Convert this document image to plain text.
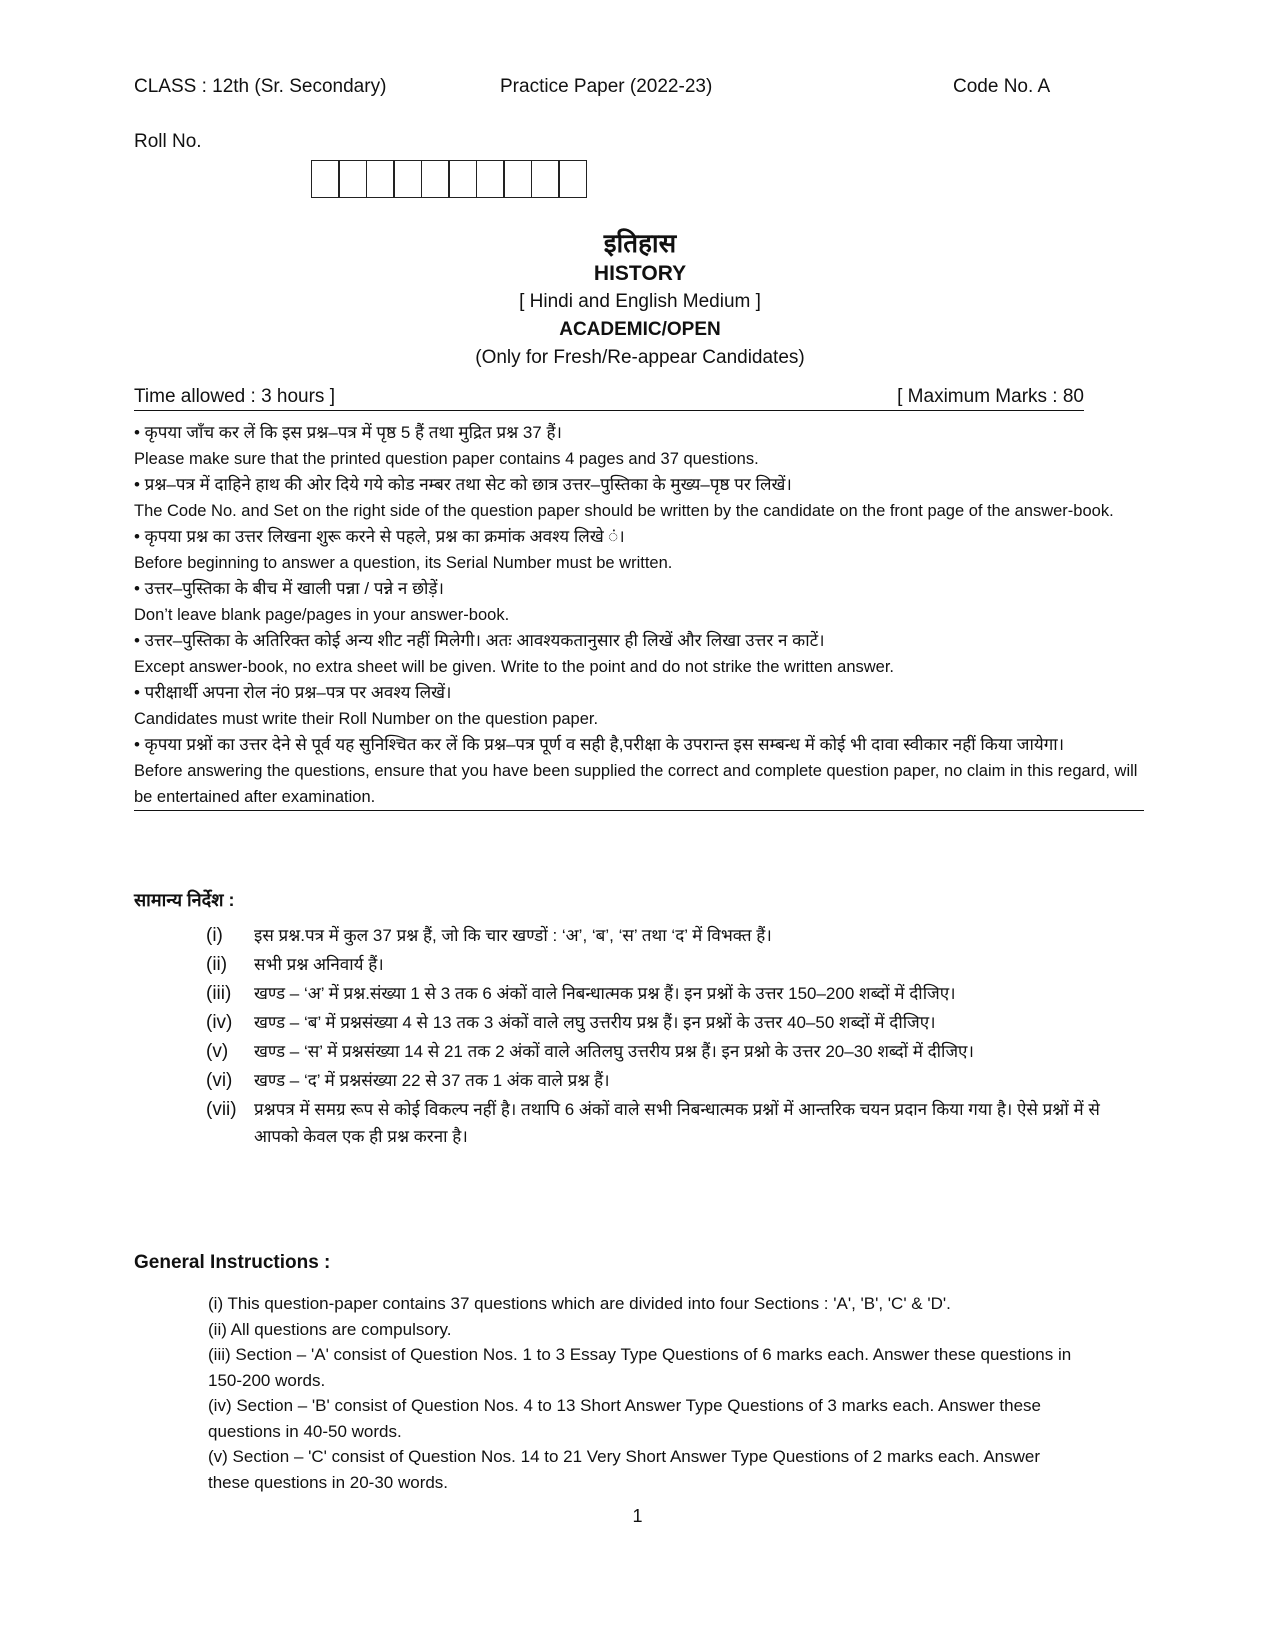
CLASS : 12th (Sr. Secondary)	Practice Paper (2022-23)	Code No. A
Roll No.
इतिहास
HISTORY
[ Hindi and English Medium ]
ACADEMIC/OPEN
(Only for Fresh/Re-appear Candidates)
Time allowed : 3 hours ]	[ Maximum Marks : 80
• कृपया जाँच कर लें कि इस प्रश्न–पत्र में पृष्ठ 5 हैं तथा मुद्रित प्रश्न 37 हैं।
Please make sure that the printed question paper contains 4 pages and 37 questions.
• प्रश्न–पत्र में दाहिने हाथ की ओर दिये गये कोड नम्बर तथा सेट को छात्र उत्तर–पुस्तिका के मुख्य–पृष्ठ पर लिखें।
The Code No. and Set on the right side of the question paper should be written by the candidate on the front page of the answer-book.
• कृपया प्रश्न का उत्तर लिखना शुरू करने से पहले, प्रश्न का क्रमांक अवश्य लिखे ं।
Before beginning to answer a question, its Serial Number must be written.
• उत्तर–पुस्तिका के बीच में खाली पन्ना / पन्ने न छोड़ें।
Don’t leave blank page/pages in your answer-book.
• उत्तर–पुस्तिका के अतिरिक्त कोई अन्य शीट नहीं मिलेगी। अतः आवश्यकतानुसार ही लिखें और लिखा उत्तर न काटें।
Except answer-book, no extra sheet will be given. Write to the point and do not strike the written answer.
• परीक्षार्थी अपना रोल नं0 प्रश्न–पत्र पर अवश्य लिखें।
Candidates must write their Roll Number on the question paper.
• कृपया प्रश्नों का उत्तर देने से पूर्व यह सुनिश्चित कर लें कि प्रश्न–पत्र पूर्ण व सही है,परीक्षा के उपरान्त इस सम्बन्ध में कोई भी दावा स्वीकार नहीं किया जायेगा।
Before answering the questions, ensure that you have been supplied the correct and complete question paper, no claim in this regard, will be entertained after examination.
सामान्य निर्देश :
(i)	इस प्रश्न.पत्र में कुल 37 प्रश्न हैं, जो कि चार खण्डों : ‘अ’, ‘ब’, ‘स’ तथा ‘द’ में विभक्त हैं।
(ii)	सभी प्रश्न अनिवार्य हैं।
(iii)	खण्ड – ‘अ’ में प्रश्न.संख्या 1 से 3 तक 6 अंकों वाले निबन्धात्मक प्रश्न हैं। इन प्रश्नों के उत्तर 150–200 शब्दों में दीजिए।
(iv)	खण्ड – ‘ब’ में प्रश्नसंख्या 4 से 13 तक 3 अंकों वाले लघु उत्तरीय प्रश्न हैं। इन प्रश्नों के उत्तर 40–50 शब्दों में दीजिए।
(v)	खण्ड – ‘स’ में प्रश्नसंख्या 14 से 21 तक 2 अंकों वाले अतिलघु उत्तरीय प्रश्न हैं। इन प्रश्नो के उत्तर 20–30 शब्दों में दीजिए।
(vi)	खण्ड – ‘द’ में प्रश्नसंख्या 22 से 37 तक 1 अंक वाले प्रश्न हैं।
(vii)	प्रश्नपत्र में समग्र रूप से कोई विकल्प नहीं है। तथापि 6 अंकों वाले सभी निबन्धात्मक प्रश्नों में आन्तरिक चयन प्रदान किया गया है। ऐसे प्रश्नों में से आपको केवल एक ही प्रश्न करना है।
General Instructions :
(i) This question-paper contains 37 questions which are divided into four Sections : 'A', 'B', 'C' & 'D'.
(ii) All questions are compulsory.
(iii) Section – 'A' consist of Question Nos. 1 to 3 Essay Type Questions of 6 marks each. Answer these questions in 150-200 words.
(iv) Section – 'B' consist of Question Nos. 4 to 13 Short Answer Type Questions of 3 marks each. Answer these questions in 40-50 words.
(v) Section – 'C' consist of Question Nos. 14 to 21 Very Short Answer Type Questions of 2 marks each. Answer these questions in 20-30 words.
1
